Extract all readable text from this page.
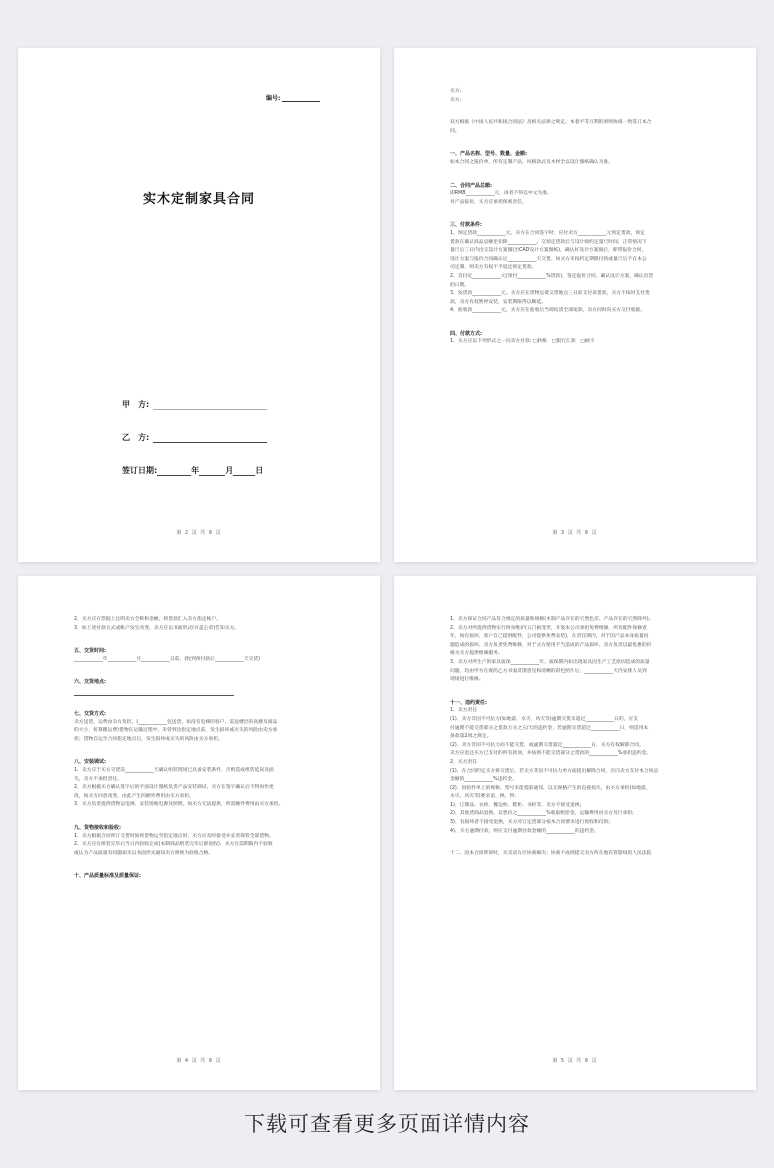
编号:
实木定制家具合同
甲　方:
乙　方:
签订日期:	年	月	日
第 2 页 共 6 页
买方:
卖方:
双方根据《中国人民共和国合同法》及相关法律之规定，本着平等互利的原则协商一致签订本合
同。
一、产品名称、型号、数量、金额:
如本合同之报价单，所有定制产品，风格款式及木材全以设计图纸确认为准。
二、合同产品总额:
即RMB____________元，再者不得以中文为准。
对产品报价，买方应承担保密责任。
三、付款条件:
1、预定货款____________元。买方在合同签字时，应付卖方____________元预定货款，预定
货款在确认商品总额里扣除____________。交预定货款后与设计师约定量尺时间，正常情况下
量尺后三日内出完设计方案图(出CAD设计方案图纸)，确认好设计方案图后，即带报价合同，
设计方案与报价合同确认后____________天交货。如买方未按约定期限付款或量尺后不在本公
司定制，则卖方有权不予退还预定货款。
2、首付定____________元(预付____________%货款)，签定报价合同，确认设计方案，确认出货
的日期。
3、发货款____________元。买方应在货物运抵交货地点三日前支付该货款，买方不按时支付货
款，卖方有权暂停安装，安装期限得以顺延。
4、验收款____________元，买方应在验收后当场结清全部尾款，卖方同时向买方交付收据。
四、付款方式:
1、买方应以下列形式之一向卖方付款: □转帐　□银行汇款　□刷卡
第 3 页 共 6 页
2、买方应在票据上注明卖方全称和金额，将货款汇入卖方指定帐户。
3、如上述付款方式或帐户发生改变，卖方应以书面形式(并盖公章)告知买方。
五、交货时间:
____________年____________月____________日前。(收到预付款后____________天交货)
六、交货地点:
七、交货方式:
卖方送货，运费由卖方负担。(____________包送货，如没有电梯的客户，需送楼层的高楼及商品
的大小，折算搬运费)货物在运输过程中，未曾到达指定地点前，发生损坏或灭失的风险由卖方承
担；货物自运至合同指定地点后，发生损坏或灭失的风险由买方承担。
八、安装调试:
1、卖方应于买方交货前____________天确认组装现场已具备安装条件，否则造成组装延误及损
失，卖方不承担责任。
2、卖方根据买方确认签字后的平面设计图纸负责产品安装调试，买方在签字确认后不得再作更
改，如买方同意改变，由此产生的额外费用由买方承担。
3、买方负责提供货物运电梯、安装场地电源及照明，如买方无法提供，所需额外费用由买方承担。
九、货物接收和验收:
1、卖方根据合同所订交货时间将货物运至指定地点时，买方应及时接受并妥善保管全部货物。
2、买方应在组装完毕后当日内验收完成(本制商品组装完毕后即验收)，买方在需期限内不验收
或认为产品质量有问题却未以书面形式通知卖方则视为验收合格。
十、产品质量标准及质量保证:
第 4 页 共 6 页
1、卖方保证合同产品符合规定的质量和规格(木制产品存在的天然色差、产品存在的天然除外)。
2、卖方对所提供货物实行终身维护(五门板变形，开裂本公司承担免费维修，所有配件保修壹
年，如有损坏，客户自己提供配件，公司提供免费安装)，在责任期内，对于因产品本身质量问
题造成的损坏，卖方负责免费维修，对于买方使用不当造成的产品损坏，卖方负责以最优惠的价
格为买方提供维修服务。
3、卖方对所生产的家具质保____________年，质保期内如出现家具因生产工艺原因造成的质量
问题，均由甲方在规的乙方书面反馈意见和清晰的彩色照片后，____________天内安排人员到
现场进行维修。
十一、违约责任:
1、卖方责任
(1)、卖方非因不可抗力(如地震、水灾、风灾等)逾期交货未超过____________日的，应支
付逾期不能交货部分之货款万分之五/天的违约金，若逾期交货超过____________日，则适用本
条款第2项之规定。
(2)、卖方非因不可抗力而不能交货，或逾期交货超过____________日，买方有权解除合同。
卖方应退还买方已支付的所有款项，并按照不能交货部分之货款的____________%承担违约金。
2、买方责任
(1)、在合同约定买方将交货后，若买方非因不可抗力单方面提出解除合同，应向卖方支付本合同总
金额的____________%违约金。
(2)、因验件单上的规格、型号未能提前通知，以无规格产生的直接损失，由买方承担(如地震、
水灾、风灾等)要求退、换、到:
1)、订制品、衣柜、餐边柜、鞋柜、书柜等，卖方不接受退换;
2)、其他货商品退换，以售价之____________%收取赔偿金，运输费用由买方另行承担;
3)、有损坏者不接受退换，买方对订定货部分按本合同要求进行验收和付款;
4)、买方逾期付款，则应支付逾期付款金额的____________的违约金。
十二、因本合同涉诉时，买卖双方应协商解决；协商不成则提交卖方所在地有管辖权的人民法院
第 5 页 共 6 页
下载可查看更多页面详情内容
